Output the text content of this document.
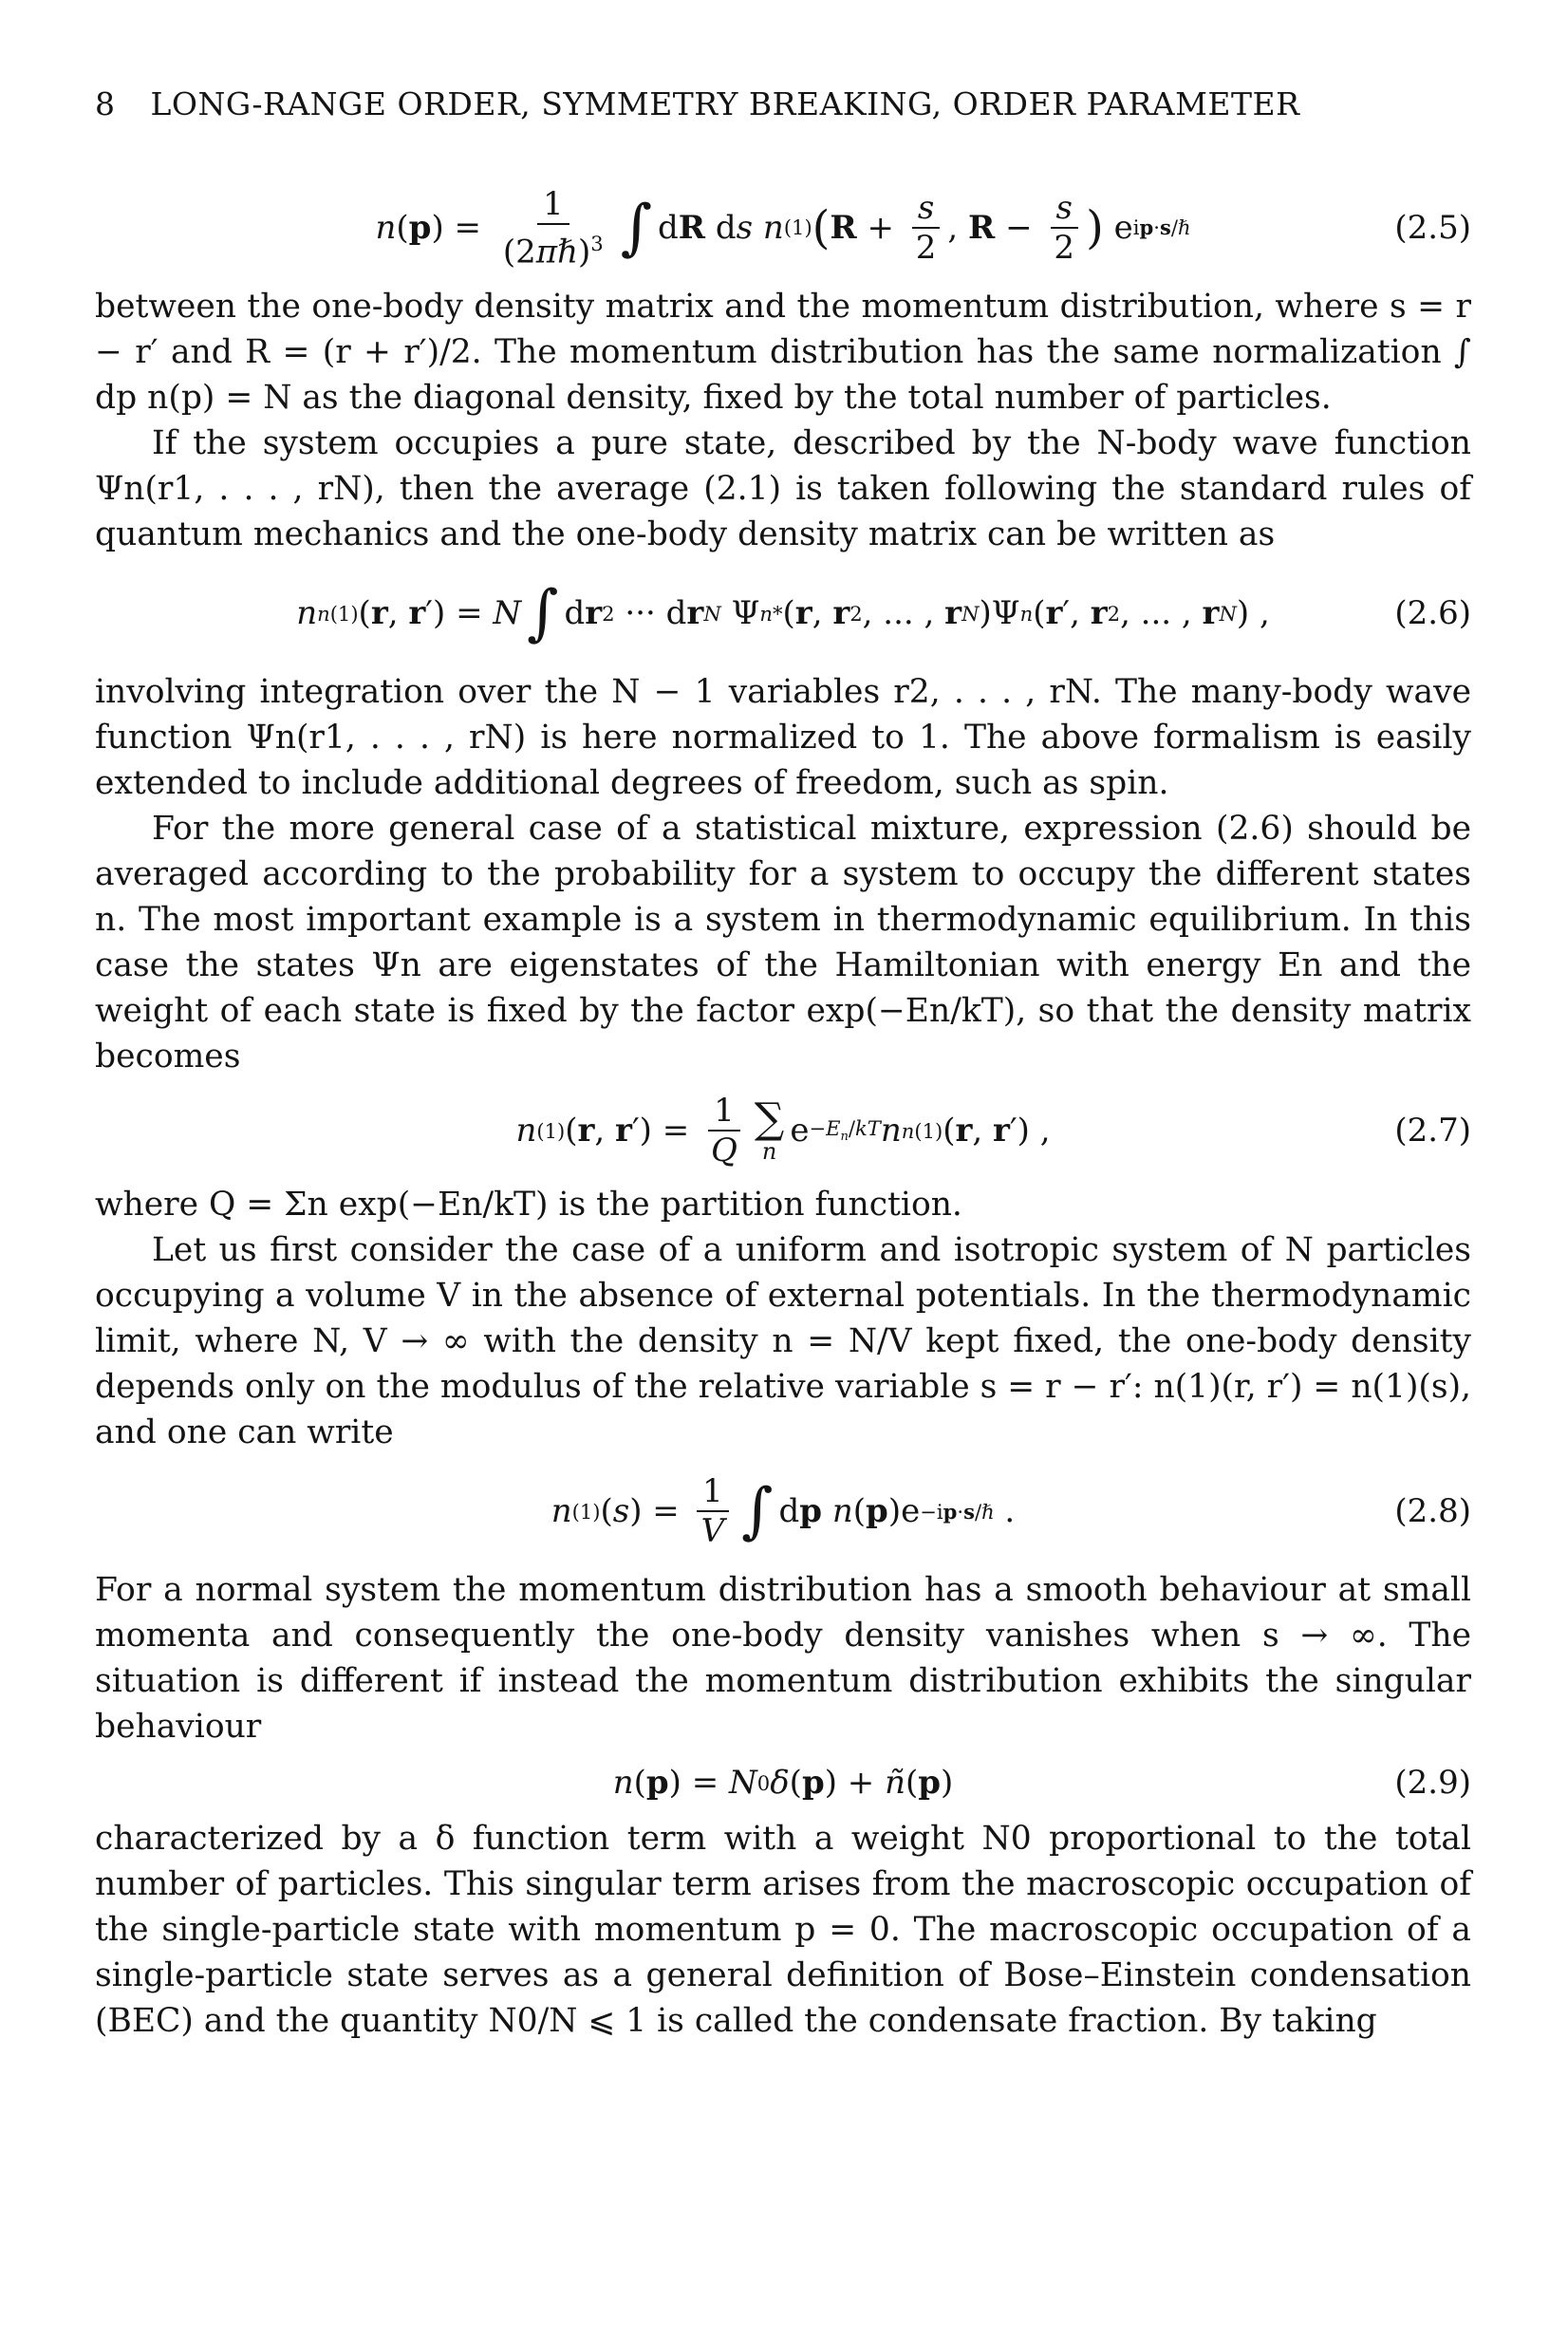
8 LONG-RANGE ORDER, SYMMETRY BREAKING, ORDER PARAMETER
n ( p ) = $\frac{1}{(2\pi\hbar)^3}$ ∫ d R d s
n (1) ( $R + \frac{s}{2}$ , $R - \frac{s}{2}$ ) e ip·s/ℏ	(2.5)

between the one-body density matrix and the momentum distribution, where s = r − r′ and R = (r + r′)/2. The momentum distribution has the same normalization ∫ dp n(p) = N as the diagonal density, fixed by the total number of particles.

If the system occupies a pure state, described by the N-body wave function Ψn(r1, . . . , rN), then the average (2.1) is taken following the standard rules of quantum mechanics and the one-body density matrix can be written as

n n (1) ( r , r ′) = N ∫ d r 2 ··· d r N Ψ n * ( r , r 2 , ... , r N )Ψ n ( r ′, r 2 , ... , r N ) ,	(2.6)

involving integration over the N − 1 variables r2, . . . , rN. The many-body wave function Ψn(r1, . . . , rN) is here normalized to 1. The above formalism is easily extended to include additional degrees of freedom, such as spin.

For the more general case of a statistical mixture, expression (2.6) should be averaged according to the probability for a system to occupy the different states n. The most important example is a system in thermodynamic equilibrium. In this case the states Ψn are eigenstates of the Hamiltonian with energy En and the weight of each state is fixed by the factor exp(−En/kT), so that the density matrix becomes

n (1) ( r , r ′) = $\frac{1}{Q}$ ∑
n
$e -E_n/kT$ n n (1) ( r , r ′) ,	(2.7)

where Q = Σn exp(−En/kT) is the partition function.

Let us first consider the case of a uniform and isotropic system of N particles occupying a volume V in the absence of external potentials. In the thermodynamic limit, where N, V → ∞ with the density n = N/V kept fixed, the one-body density depends only on the modulus of the relative variable s = r − r′: n(1)(r, r′) = n(1)(s), and one can write

n (1) ( s ) = $\frac{1}{V}$ ∫ d p
n ( p )e −ip·s/ℏ .	(2.8)

For a normal system the momentum distribution has a smooth behaviour at small momenta and consequently the one-body density vanishes when s → ∞. The situation is different if instead the momentum distribution exhibits the singular behaviour

n ( p ) = N 0 δ ( p ) + ñ ( p )	(2.9)

characterized by a δ function term with a weight N0 proportional to the total number of particles. This singular term arises from the macroscopic occupation of the single-particle state with momentum p = 0. The macroscopic occupation of a single-particle state serves as a general definition of Bose–Einstein condensation (BEC) and the quantity N0/N ⩽ 1 is called the condensate fraction. By taking
